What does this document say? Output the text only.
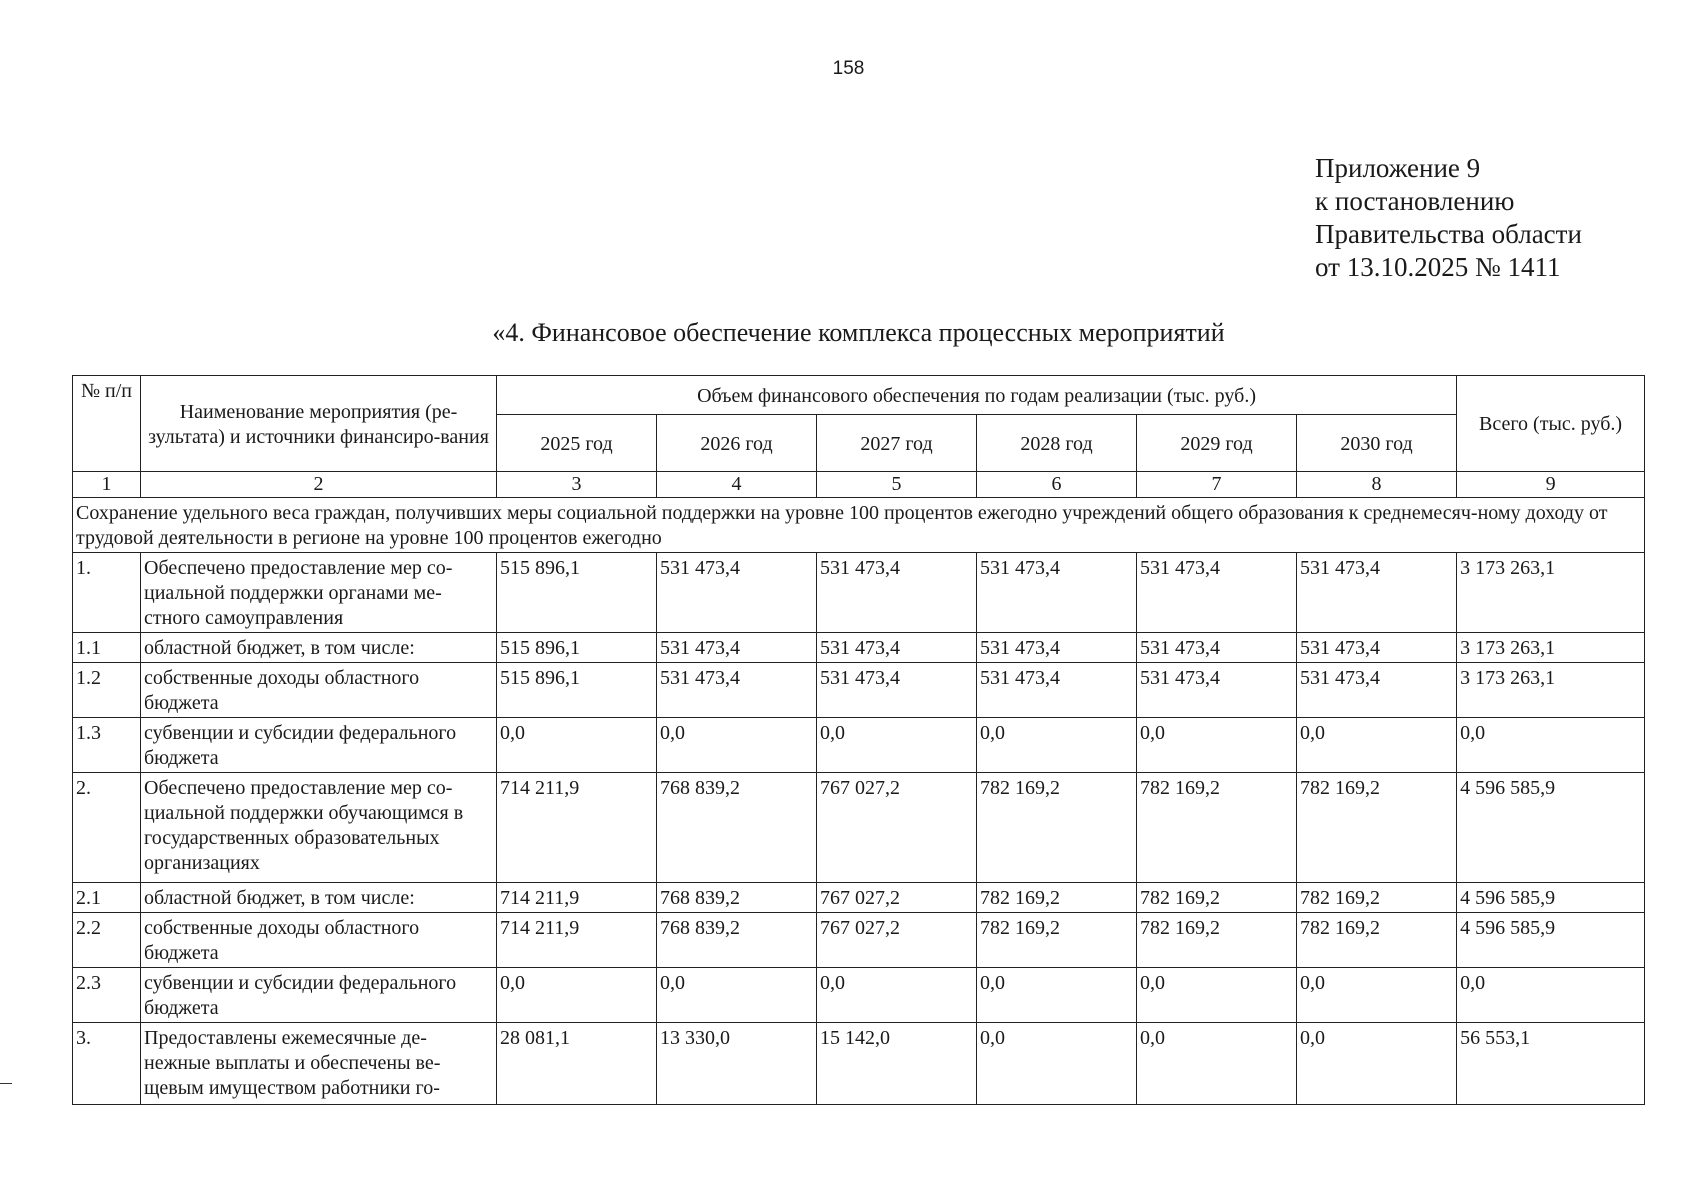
158
Приложение 9
к постановлению
Правительства области
от 13.10.2025 № 1411
«4. Финансовое обеспечение комплекса процессных мероприятий
№ п/п	Наименование мероприятия (ре-зультата) и источники финансиро-вания	Объем финансового обеспечения по годам реализации (тыс. руб.)						Всего (тыс. руб.)
		2025 год	2026 год	2027 год	2028 год	2029 год	2030 год	
1	2	3	4	5	6	7	8	9
Сохранение удельного веса граждан, получивших меры социальной поддержки на уровне 100 процентов ежегодно учреждений общего образования к среднемесяч-ному доходу от трудовой деятельности в регионе на уровне 100 процентов ежегодно								
1.	Обеспечено предоставление мер со-циальной поддержки органами ме-стного самоуправления	515 896,1	531 473,4	531 473,4	531 473,4	531 473,4	531 473,4	3 173 263,1
1.1	областной бюджет, в том числе:	515 896,1	531 473,4	531 473,4	531 473,4	531 473,4	531 473,4	3 173 263,1
1.2	собственные доходы областного бюджета	515 896,1	531 473,4	531 473,4	531 473,4	531 473,4	531 473,4	3 173 263,1
1.3	субвенции и субсидии федерального бюджета	0,0	0,0	0,0	0,0	0,0	0,0	0,0
2.	Обеспечено предоставление мер со-циальной поддержки обучающимся в государственных образовательных организациях	714 211,9	768 839,2	767 027,2	782 169,2	782 169,2	782 169,2	4 596 585,9
2.1	областной бюджет, в том числе:	714 211,9	768 839,2	767 027,2	782 169,2	782 169,2	782 169,2	4 596 585,9
2.2	собственные доходы областного бюджета	714 211,9	768 839,2	767 027,2	782 169,2	782 169,2	782 169,2	4 596 585,9
2.3	субвенции и субсидии федерального бюджета	0,0	0,0	0,0	0,0	0,0	0,0	0,0
3.	Предоставлены ежемесячные де-нежные выплаты и обеспечены ве-щевым имуществом работники го-	28 081,1	13 330,0	15 142,0	0,0	0,0	0,0	56 553,1
